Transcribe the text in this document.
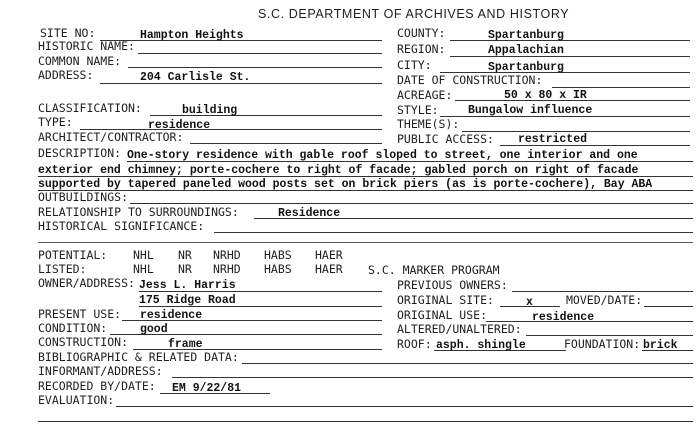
S.C. DEPARTMENT OF ARCHIVES AND HISTORY
SITE NO:	Hampton Heights
HISTORIC NAME:
COMMON NAME:
ADDRESS:	204 Carlisle St.
COUNTY:	Spartanburg
REGION:	Appalachian
CITY:	Spartanburg
DATE OF CONSTRUCTION:
ACREAGE:	50 x 80 x IR
CLASSIFICATION:	building	STYLE:	Bungalow influence
TYPE:	residence	THEME(S):
ARCHITECT/CONTRACTOR:	PUBLIC ACCESS: restricted
DESCRIPTION: One-story residence with gable roof sloped to street, one interior and one
exterior end chimney; porte-cochere to right of facade; gabled porch on right of facade
supported by tapered paneled wood posts set on brick piers (as is porte-cochere), Bay ABA
OUTBUILDINGS:
RELATIONSHIP TO SURROUNDINGS:	Residence
HISTORICAL SIGNIFICANCE:
POTENTIAL: NHL NR NRHD HABS HAER
LISTED:	NHL NR NRHD HABS HAER S.C. MARKER PROGRAM
OWNER/ADDRESS: Jess L. Harris
175 Ridge Road
PREVIOUS OWNERS:
ORIGINAL SITE:	x	MOVED/DATE:
PRESENT USE: residence	ORIGINAL USE:	residence
CONDITION:	good	ALTERED/UNALTERED:
CONSTRUCTION:	frame	ROOF: asph. shingle	FOUNDATION: brick
BIBLIOGRAPHIC & RELATED DATA:
INFORMANT/ADDRESS:
RECORDED BY/DATE: EM 9/22/81
EVALUATION:
